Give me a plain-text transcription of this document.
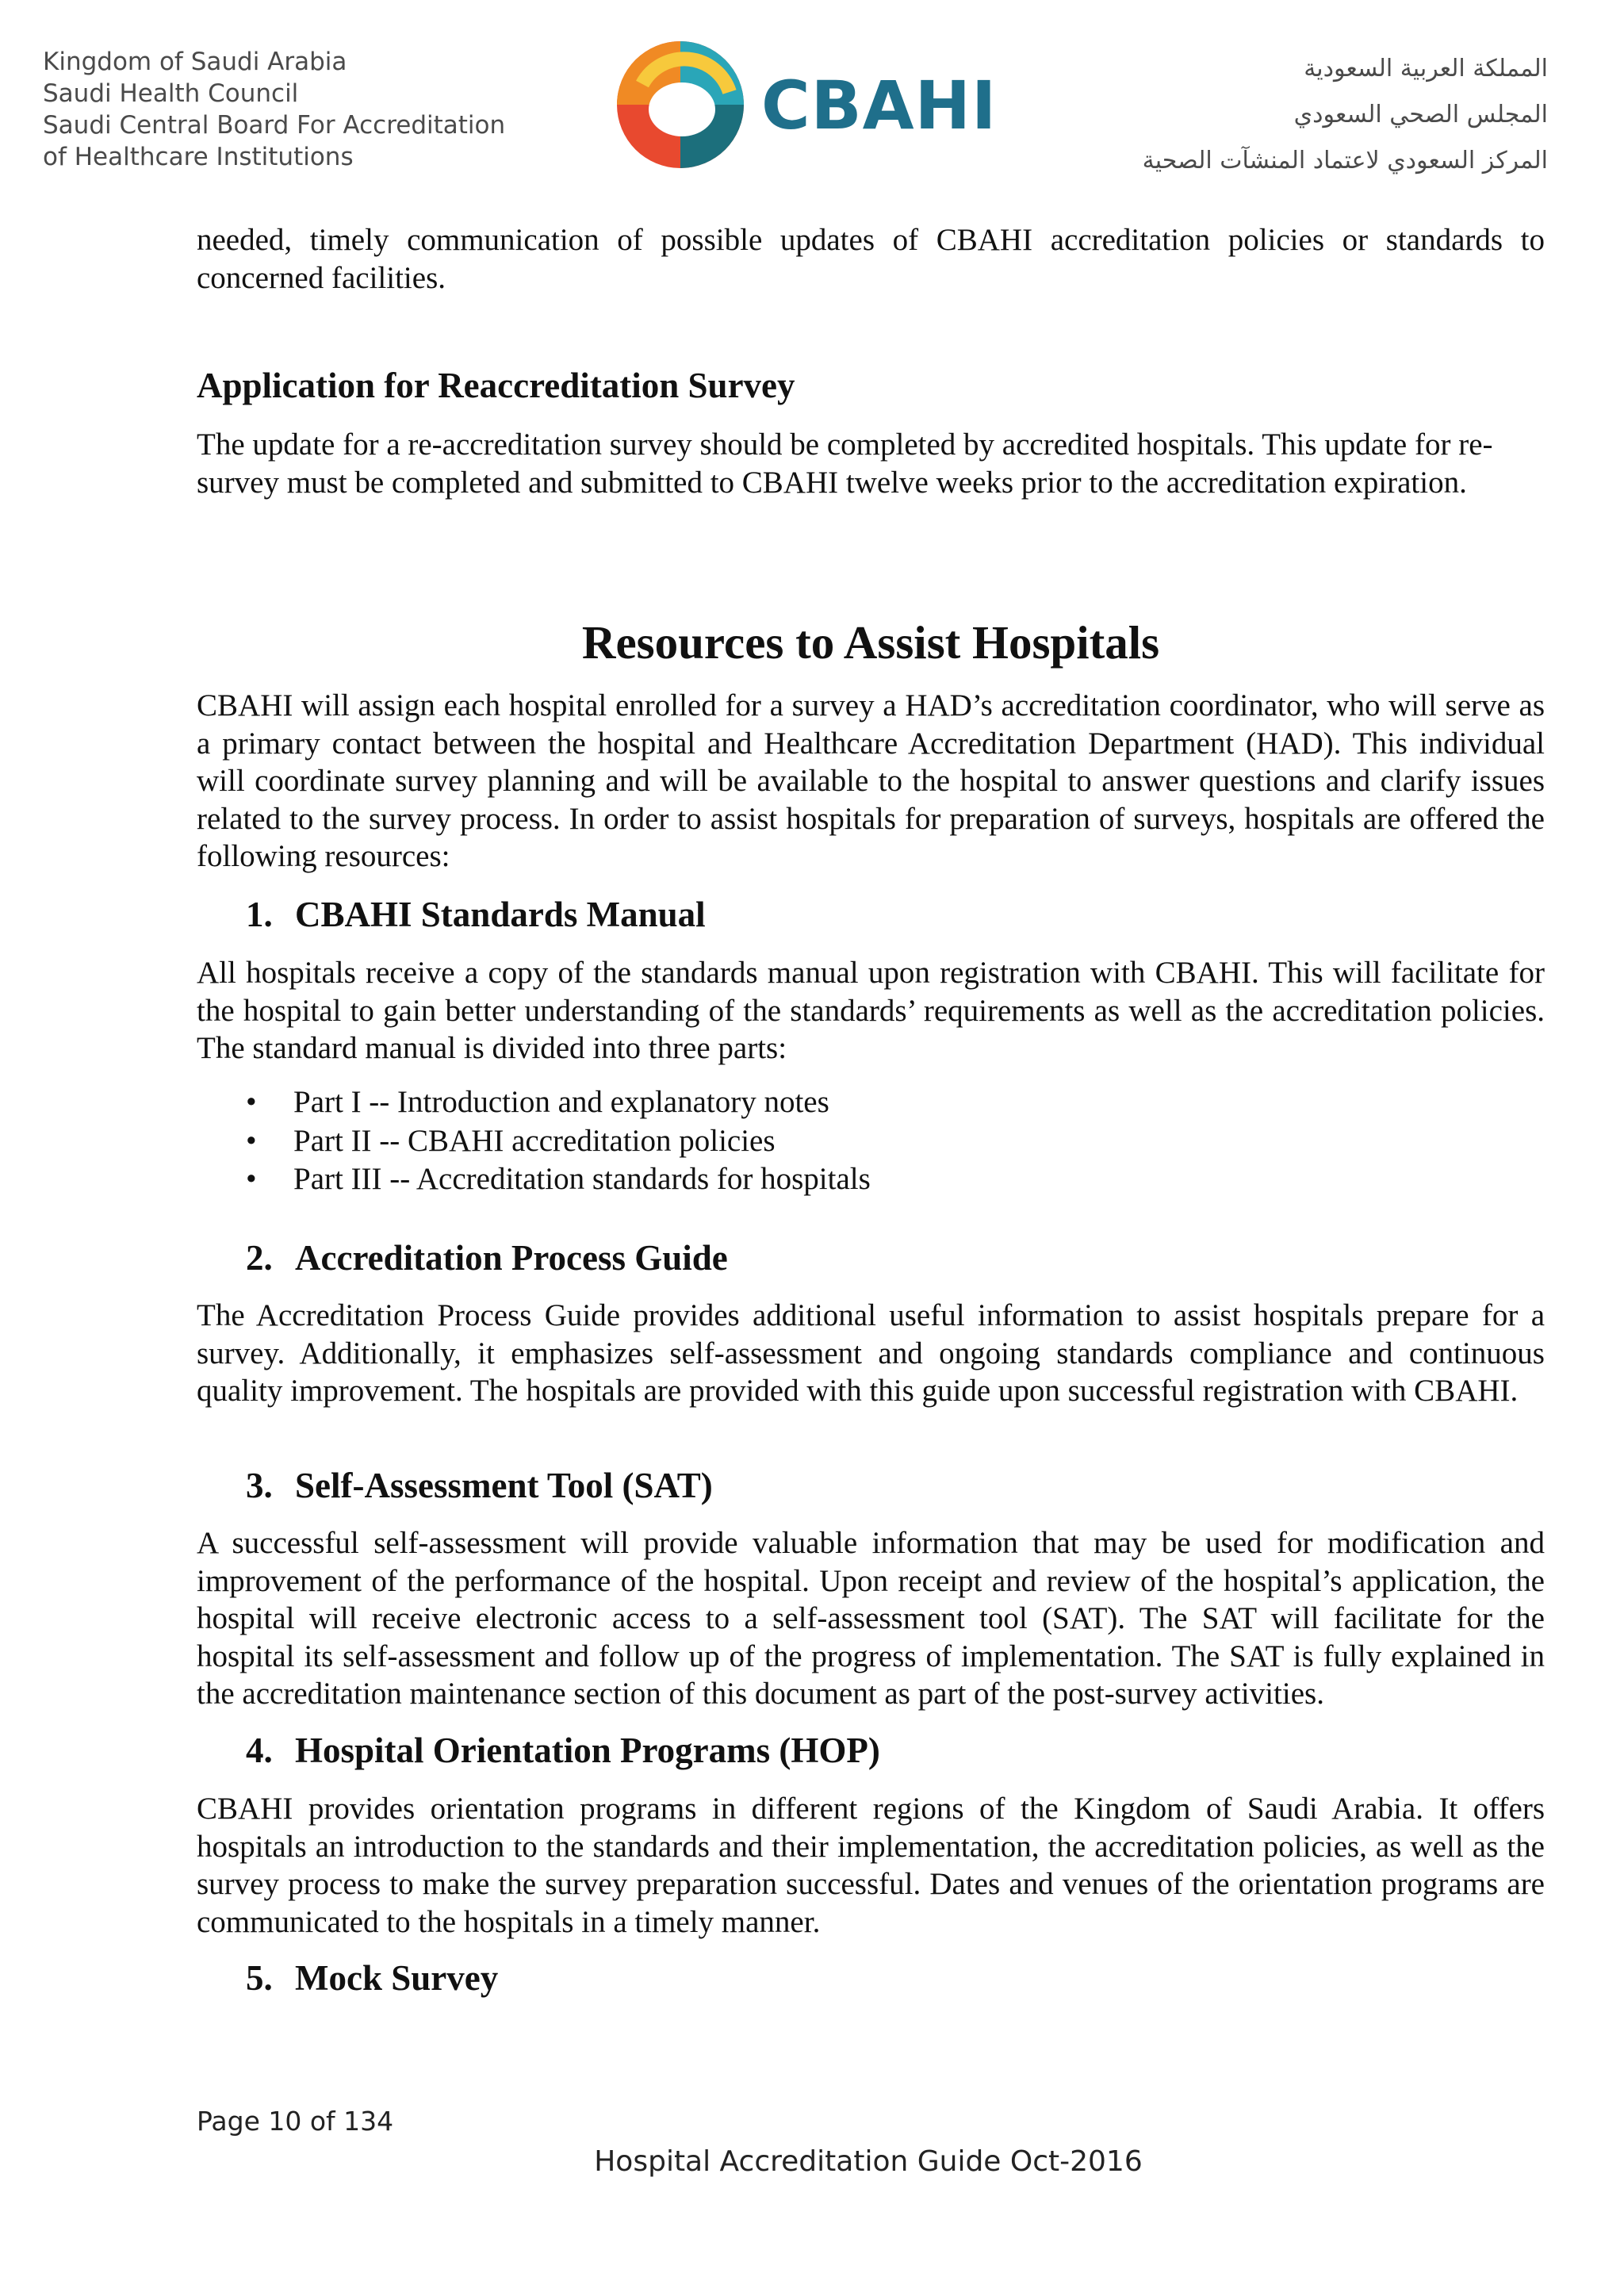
Kingdom of Saudi Arabia
Saudi Health Council
Saudi Central Board For Accreditation
of Healthcare Institutions
CBAHI	المملكة العربية السعودية
المجلس الصحي السعودي
المركز السعودي لاعتماد المنشآت الصحية

needed, timely communication of possible updates of CBAHI accreditation policies or standards to concerned facilities.

Application for Reaccreditation Survey

The update for a re-accreditation survey should be completed by accredited hospitals. This update for re-survey must be completed and submitted to CBAHI twelve weeks prior to the accreditation expiration.

Resources to Assist Hospitals

CBAHI will assign each hospital enrolled for a survey a HAD’s accreditation coordinator, who will serve as a primary contact between the hospital and Healthcare Accreditation Department (HAD). This individual will coordinate survey planning and will be available to the hospital to answer questions and clarify issues related to the survey process. In order to assist hospitals for preparation of surveys, hospitals are offered the following resources:

1. CBAHI Standards Manual

All hospitals receive a copy of the standards manual upon registration with CBAHI. This will facilitate for the hospital to gain better understanding of the standards’ requirements as well as the accreditation policies. The standard manual is divided into three parts:

• Part I -- Introduction and explanatory notes
• Part II -- CBAHI accreditation policies
• Part III -- Accreditation standards for hospitals
2. Accreditation Process Guide

The Accreditation Process Guide provides additional useful information to assist hospitals prepare for a survey. Additionally, it emphasizes self-assessment and ongoing standards compliance and continuous quality improvement. The hospitals are provided with this guide upon successful registration with CBAHI.

3. Self-Assessment Tool (SAT)

A successful self-assessment will provide valuable information that may be used for modification and improvement of the performance of the hospital. Upon receipt and review of the hospital’s application, the hospital will receive electronic access to a self-assessment tool (SAT). The SAT will facilitate for the hospital its self-assessment and follow up of the progress of implementation. The SAT is fully explained in the accreditation maintenance section of this document as part of the post-survey activities.

4. Hospital Orientation Programs (HOP)

CBAHI provides orientation programs in different regions of the Kingdom of Saudi Arabia. It offers hospitals an introduction to the standards and their implementation, the accreditation policies, as well as the survey process to make the survey preparation successful. Dates and venues of the orientation programs are communicated to the hospitals in a timely manner.

5. Mock Survey
Page 10 of 134
Hospital Accreditation Guide Oct-2016
